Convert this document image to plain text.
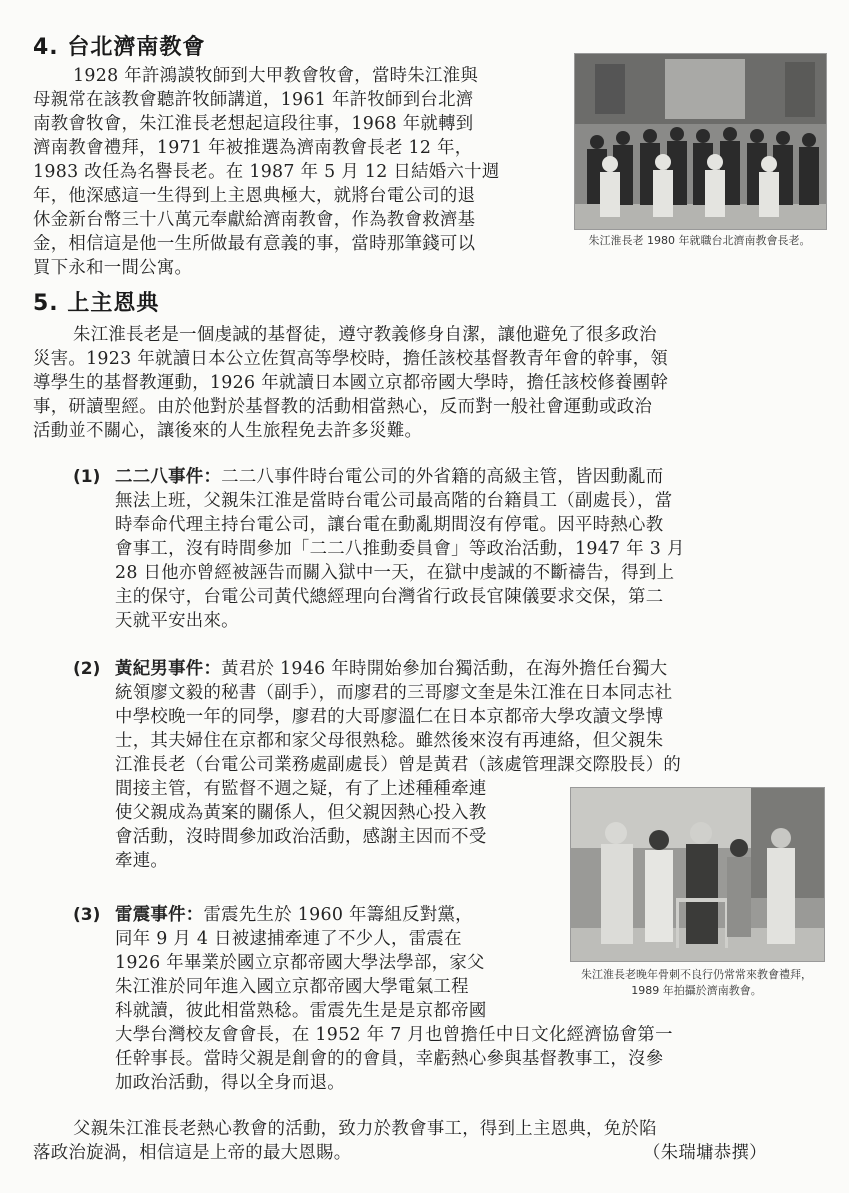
4. 台北濟南教會
1928 年許鴻謨牧師到大甲教會牧會，當時朱江淮與
母親常在該教會聽許牧師講道，1961 年許牧師到台北濟
南教會牧會，朱江淮長老想起這段往事，1968 年就轉到
濟南教會禮拜，1971 年被推選為濟南教會長老 12 年，
1983 改任為名譽長老。在 1987 年 5 月 12 日結婚六十週
年，他深感這一生得到上主恩典極大，就將台電公司的退
休金新台幣三十八萬元奉獻給濟南教會，作為教會救濟基
金，相信這是他一生所做最有意義的事，當時那筆錢可以
買下永和一間公寓。
朱江淮長老 1980 年就職台北濟南教會長老。
5. 上主恩典
朱江淮長老是一個虔誠的基督徒，遵守教義修身自潔，讓他避免了很多政治
災害。1923 年就讀日本公立佐賀高等學校時，擔任該校基督教青年會的幹事，領
導學生的基督教運動，1926 年就讀日本國立京都帝國大學時，擔任該校修養團幹
事，研讀聖經。由於他對於基督教的活動相當熱心，反而對一般社會運動或政治
活動並不關心，讓後來的人生旅程免去許多災難。
(1) 二二八事件：二二八事件時台電公司的外省籍的高級主管，皆因動亂而
無法上班，父親朱江淮是當時台電公司最高階的台籍員工（副處長），當
時奉命代理主持台電公司，讓台電在動亂期間沒有停電。因平時熱心教
會事工，沒有時間參加「二二八推動委員會」等政治活動，1947 年 3 月
28 日他亦曾經被誣告而關入獄中一天，在獄中虔誠的不斷禱告，得到上
主的保守，台電公司黃代總經理向台灣省行政長官陳儀要求交保，第二
天就平安出來。
(2) 黃紀男事件：黃君於 1946 年時開始參加台獨活動，在海外擔任台獨大
統領廖文毅的秘書（副手），而廖君的三哥廖文奎是朱江淮在日本同志社
中學校晚一年的同學，廖君的大哥廖溫仁在日本京都帝大學攻讀文學博
士，其夫婦住在京都和家父母很熟稔。雖然後來沒有再連絡，但父親朱
江淮長老（台電公司業務處副處長）曾是黃君（該處管理課交際股長）的
間接主管，有監督不週之疑，有了上述種種牽連
使父親成為黃案的關係人，但父親因熱心投入教
會活動，沒時間參加政治活動，感謝主因而不受
牽連。
朱江淮長老晚年骨刺不良行仍常常來教會禮拜，
1989 年拍攝於濟南教會。
(3) 雷震事件：雷震先生於 1960 年籌組反對黨，
同年 9 月 4 日被逮捕牽連了不少人，雷震在
1926 年畢業於國立京都帝國大學法學部，家父
朱江淮於同年進入國立京都帝國大學電氣工程
科就讀，彼此相當熟稔。雷震先生是是京都帝國
大學台灣校友會會長，在 1952 年 7 月也曾擔任中日文化經濟協會第一
任幹事長。當時父親是創會的的會員，幸虧熱心參與基督教事工，沒參
加政治活動，得以全身而退。
父親朱江淮長老熱心教會的活動，致力於教會事工，得到上主恩典，免於陷
落政治旋渦，相信這是上帝的最大恩賜。	（朱瑞墉恭撰）
